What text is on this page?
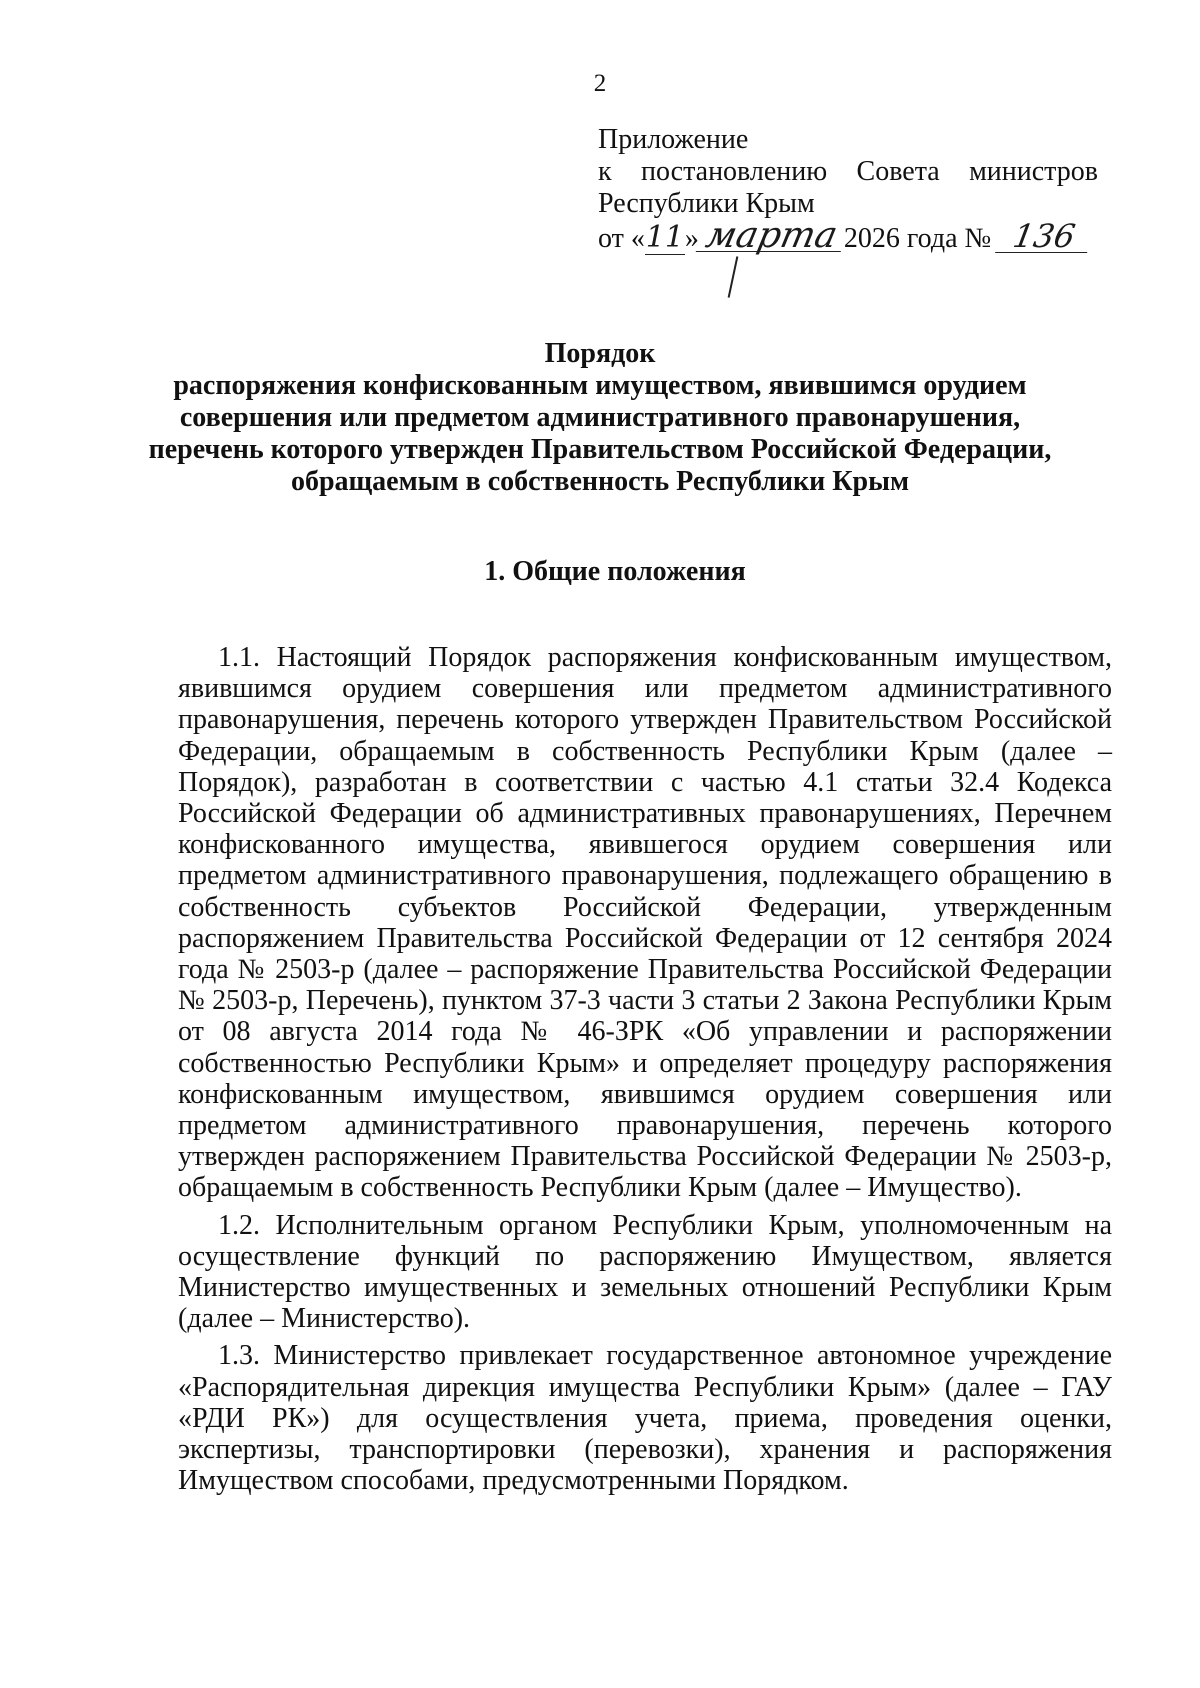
2
Приложение
к постановлению Совета министров
Республики Крым
от «11»марта 2026 года № 136
Порядок
распоряжения конфискованным имуществом, явившимся орудием
совершения или предметом административного правонарушения,
перечень которого утвержден Правительством Российской Федерации,
обращаемым в собственность Республики Крым
1. Общие положения

1.1. Настоящий Порядок распоряжения конфискованным имуществом, явившимся орудием совершения или предметом административного правонарушения, перечень которого утвержден Правительством Российской Федерации, обращаемым в собственность Республики Крым (далее – Порядок), разработан в соответствии с частью 4.1 статьи 32.4 Кодекса Российской Федерации об административных правонарушениях, Перечнем конфискованного имущества, явившегося орудием совершения или предметом административного правонарушения, подлежащего обращению в собственность субъектов Российской Федерации, утвержденным распоряжением Правительства Российской Федерации от 12 сентября 2024 года № 2503-р (далее – распоряжение Правительства Российской Федерации № 2503-р, Перечень), пунктом 37-3 части 3 статьи 2 Закона Республики Крым от 08 августа 2014 года № 46-ЗРК «Об управлении и распоряжении собственностью Республики Крым» и определяет процедуру распоряжения конфискованным имуществом, явившимся орудием совершения или предметом административного правонарушения, перечень которого утвержден распоряжением Правительства Российской Федерации № 2503-р, обращаемым в собственность Республики Крым (далее – Имущество).

1.2. Исполнительным органом Республики Крым, уполномоченным на осуществление функций по распоряжению Имуществом, является Министерство имущественных и земельных отношений Республики Крым (далее – Министерство).

1.3. Министерство привлекает государственное автономное учреждение «Распорядительная дирекция имущества Республики Крым» (далее – ГАУ «РДИ РК») для осуществления учета, приема, проведения оценки, экспертизы, транспортировки (перевозки), хранения и распоряжения Имуществом способами, предусмотренными Порядком.
